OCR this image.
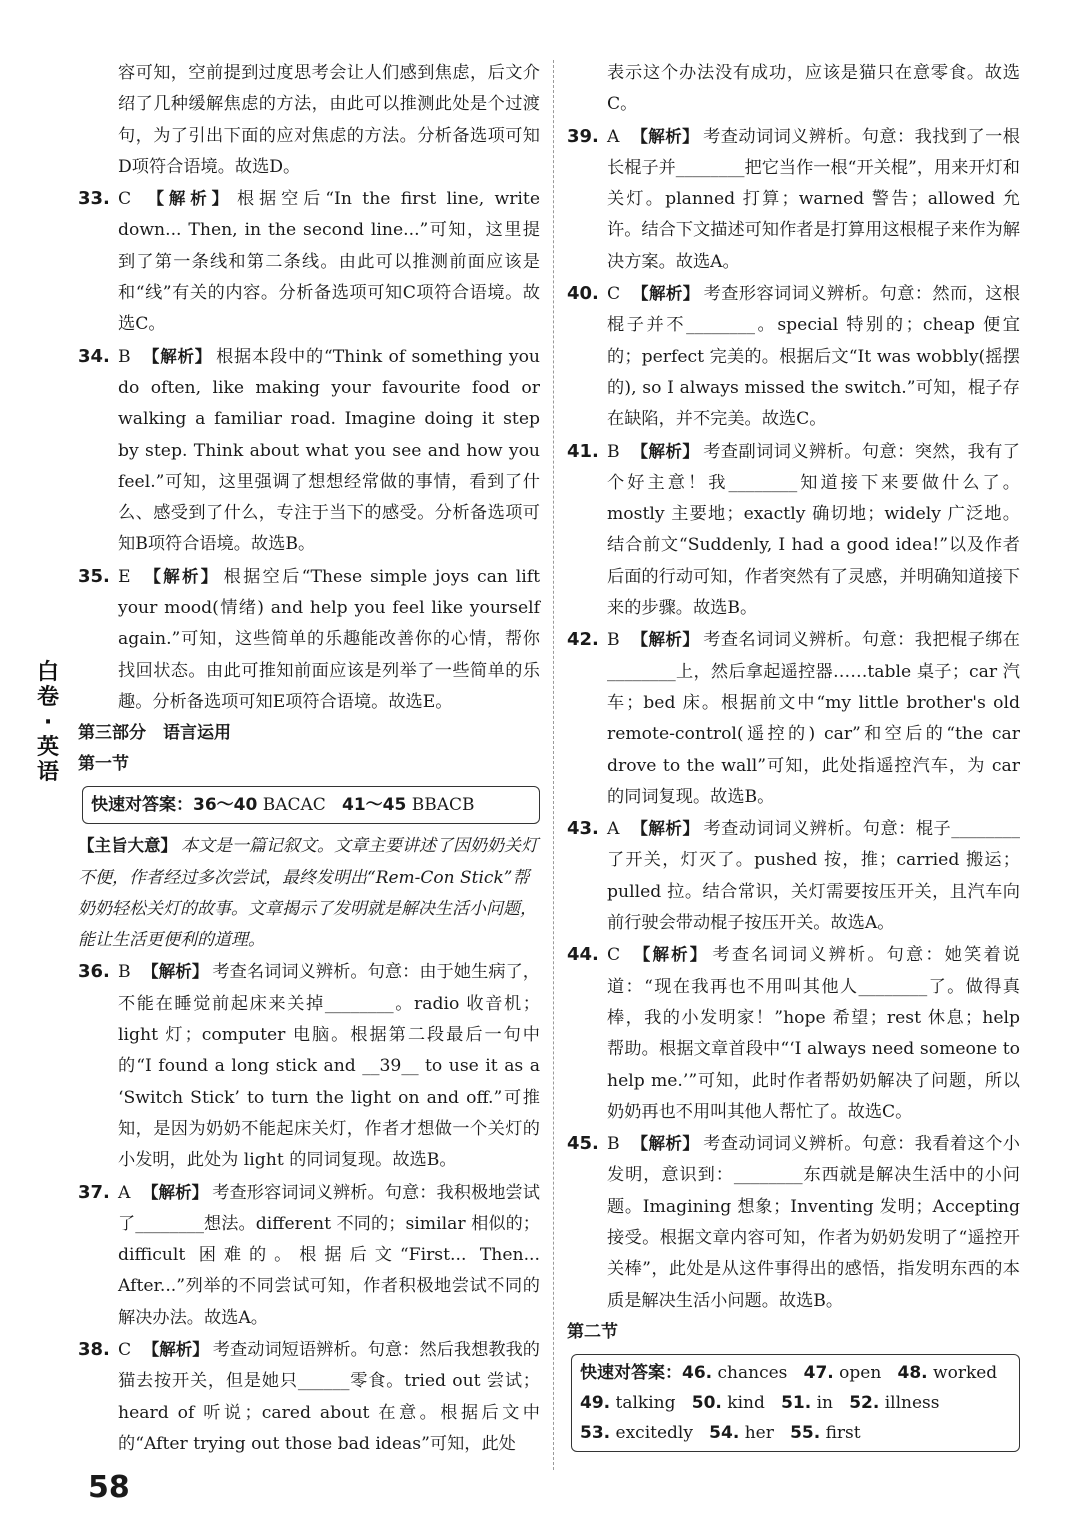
白卷·英语
58

容可知，空前提到过度思考会让人们感到焦虑，后文介绍了几种缓解焦虑的方法，由此可以推测此处是个过渡句，为了引出下面的应对焦虑的方法。分析备选项可知D项符合语境。故选D。

33. C 【解析】 根据空后“In the first line, write down... Then, in the second line...”可知，这里提到了第一条线和第二条线。由此可以推测前面应该是和“线”有关的内容。分析备选项可知C项符合语境。故选C。
34. B 【解析】 根据本段中的“Think of something you do often, like making your favourite food or walking a familiar road. Imagine doing it step by step. Think about what you see and how you feel.”可知，这里强调了想想经常做的事情，看到了什么、感受到了什么，专注于当下的感受。分析备选项可知B项符合语境。故选B。
35. E 【解析】 根据空后“These simple joys can lift your mood(情绪) and help you feel like yourself again.”可知，这些简单的乐趣能改善你的心情，帮你找回状态。由此可推知前面应该是列举了一些简单的乐趣。分析备选项可知E项符合语境。故选E。

第三部分　语言运用

第一节

快速对答案：36～40 BACAC 41～45 BBACB

【主旨大意】 本文是一篇记叙文。文章主要讲述了因奶奶关灯不便，作者经过多次尝试，最终发明出“Rem-Con Stick”帮奶奶轻松关灯的故事。文章揭示了发明就是解决生活小问题，能让生活更便利的道理。

36. B 【解析】 考查名词词义辨析。句意：由于她生病了，不能在睡觉前起床来关掉________。radio 收音机；light 灯；computer 电脑。根据第二段最后一句中的“I found a long stick and __39__ to use it as a ‘Switch Stick’ to turn the light on and off.”可推知，是因为奶奶不能起床关灯，作者才想做一个关灯的小发明，此处为 light 的同词复现。故选B。
37. A 【解析】 考查形容词词义辨析。句意：我积极地尝试了________想法。different 不同的；similar 相似的；difficult 困难的。根据后文“First... Then... After...”列举的不同尝试可知，作者积极地尝试不同的解决办法。故选A。
38. C 【解析】 考查动词短语辨析。句意：然后我想教我的猫去按开关，但是她只______零食。tried out 尝试；heard of 听说；cared about 在意。根据后文中的“After trying out those bad ideas”可知，此处

表示这个办法没有成功，应该是猫只在意零食。故选C。

39. A 【解析】 考查动词词义辨析。句意：我找到了一根长棍子并________把它当作一根“开关棍”，用来开灯和关灯。planned 打算；warned 警告；allowed 允许。结合下文描述可知作者是打算用这根棍子来作为解决方案。故选A。
40. C 【解析】 考查形容词词义辨析。句意：然而，这根棍子并不________。special 特别的；cheap 便宜的；perfect 完美的。根据后文“It was wobbly(摇摆的), so I always missed the switch.”可知，棍子存在缺陷，并不完美。故选C。
41. B 【解析】 考查副词词义辨析。句意：突然，我有了个好主意！我________知道接下来要做什么了。mostly 主要地；exactly 确切地；widely 广泛地。结合前文“Suddenly, I had a good idea!”以及作者后面的行动可知，作者突然有了灵感，并明确知道接下来的步骤。故选B。
42. B 【解析】 考查名词词义辨析。句意：我把棍子绑在________上，然后拿起遥控器……table 桌子；car 汽车；bed 床。根据前文中“my little brother's old remote-control(遥控的) car”和空后的“the car drove to the wall”可知，此处指遥控汽车，为 car 的同词复现。故选B。
43. A 【解析】 考查动词词义辨析。句意：棍子________了开关，灯灭了。pushed 按，推；carried 搬运；pulled 拉。结合常识，关灯需要按压开关，且汽车向前行驶会带动棍子按压开关。故选A。
44. C 【解析】 考查名词词义辨析。句意：她笑着说道：“现在我再也不用叫其他人________了。做得真棒，我的小发明家！”hope 希望；rest 休息；help 帮助。根据文章首段中“‘I always need someone to help me.’”可知，此时作者帮奶奶解决了问题，所以奶奶再也不用叫其他人帮忙了。故选C。
45. B 【解析】 考查动词词义辨析。句意：我看着这个小发明，意识到：________东西就是解决生活中的小问题。Imagining 想象；Inventing 发明；Accepting 接受。根据文章内容可知，作者为奶奶发明了“遥控开关棒”，此处是从这件事得出的感悟，指发明东西的本质是解决生活小问题。故选B。

第二节

快速对答案：46. chances 47. open 48. worked
49. talking 50. kind 51. in 52. illness
53. excitedly 54. her 55. first
